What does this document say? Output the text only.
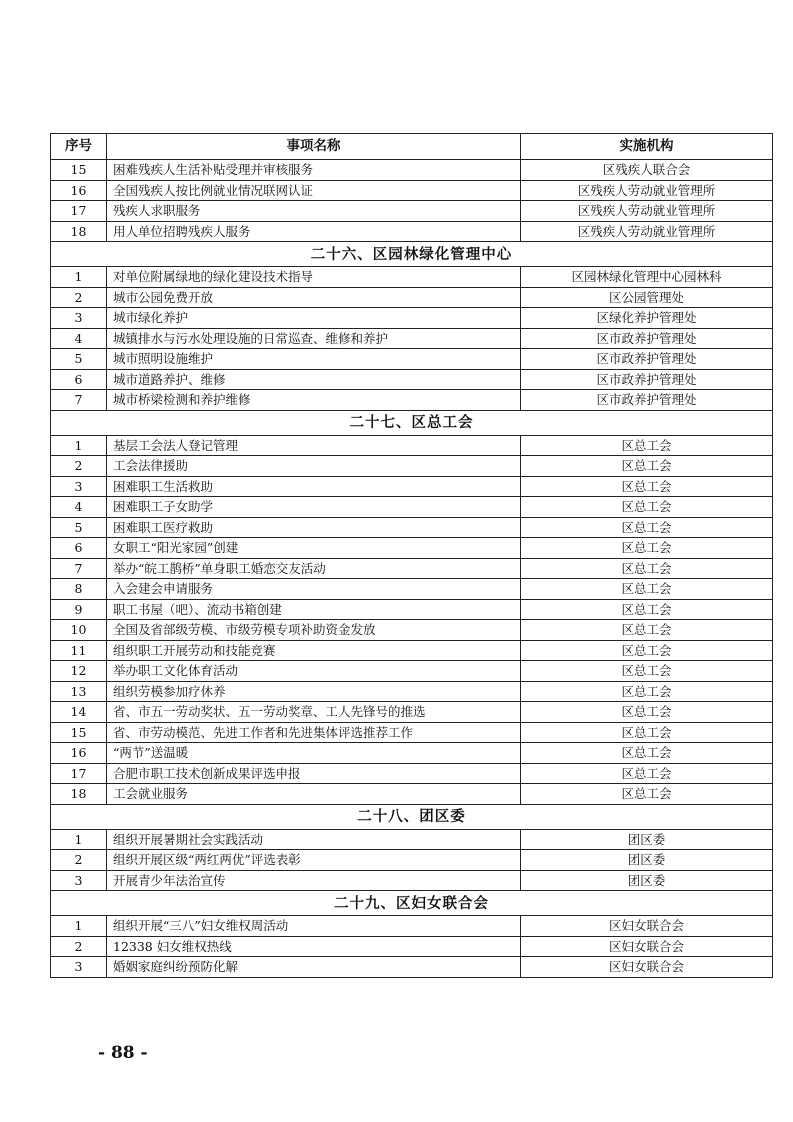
序号	事项名称	实施机构
15	困难残疾人生活补贴受理并审核服务	区残疾人联合会
16	全国残疾人按比例就业情况联网认证	区残疾人劳动就业管理所
17	残疾人求职服务	区残疾人劳动就业管理所
18	用人单位招聘残疾人服务	区残疾人劳动就业管理所
二十六、区园林绿化管理中心		
1	对单位附属绿地的绿化建设技术指导	区园林绿化管理中心园林科
2	城市公园免费开放	区公园管理处
3	城市绿化养护	区绿化养护管理处
4	城镇排水与污水处理设施的日常巡查、维修和养护	区市政养护管理处
5	城市照明设施维护	区市政养护管理处
6	城市道路养护、维修	区市政养护管理处
7	城市桥梁检测和养护维修	区市政养护管理处
二十七、区总工会		
1	基层工会法人登记管理	区总工会
2	工会法律援助	区总工会
3	困难职工生活救助	区总工会
4	困难职工子女助学	区总工会
5	困难职工医疗救助	区总工会
6	女职工“阳光家园”创建	区总工会
7	举办“皖工鹊桥”单身职工婚恋交友活动	区总工会
8	入会建会申请服务	区总工会
9	职工书屋（吧）、流动书箱创建	区总工会
10	全国及省部级劳模、市级劳模专项补助资金发放	区总工会
11	组织职工开展劳动和技能竞赛	区总工会
12	举办职工文化体育活动	区总工会
13	组织劳模参加疗休养	区总工会
14	省、市五一劳动奖状、五一劳动奖章、工人先锋号的推选	区总工会
15	省、市劳动模范、先进工作者和先进集体评选推荐工作	区总工会
16	“两节”送温暖	区总工会
17	合肥市职工技术创新成果评选申报	区总工会
18	工会就业服务	区总工会
二十八、团区委		
1	组织开展暑期社会实践活动	团区委
2	组织开展区级“两红两优”评选表彰	团区委
3	开展青少年法治宣传	团区委
二十九、区妇女联合会		
1	组织开展“三八”妇女维权周活动	区妇女联合会
2	12338 妇女维权热线	区妇女联合会
3	婚姻家庭纠纷预防化解	区妇女联合会
- 88 -
